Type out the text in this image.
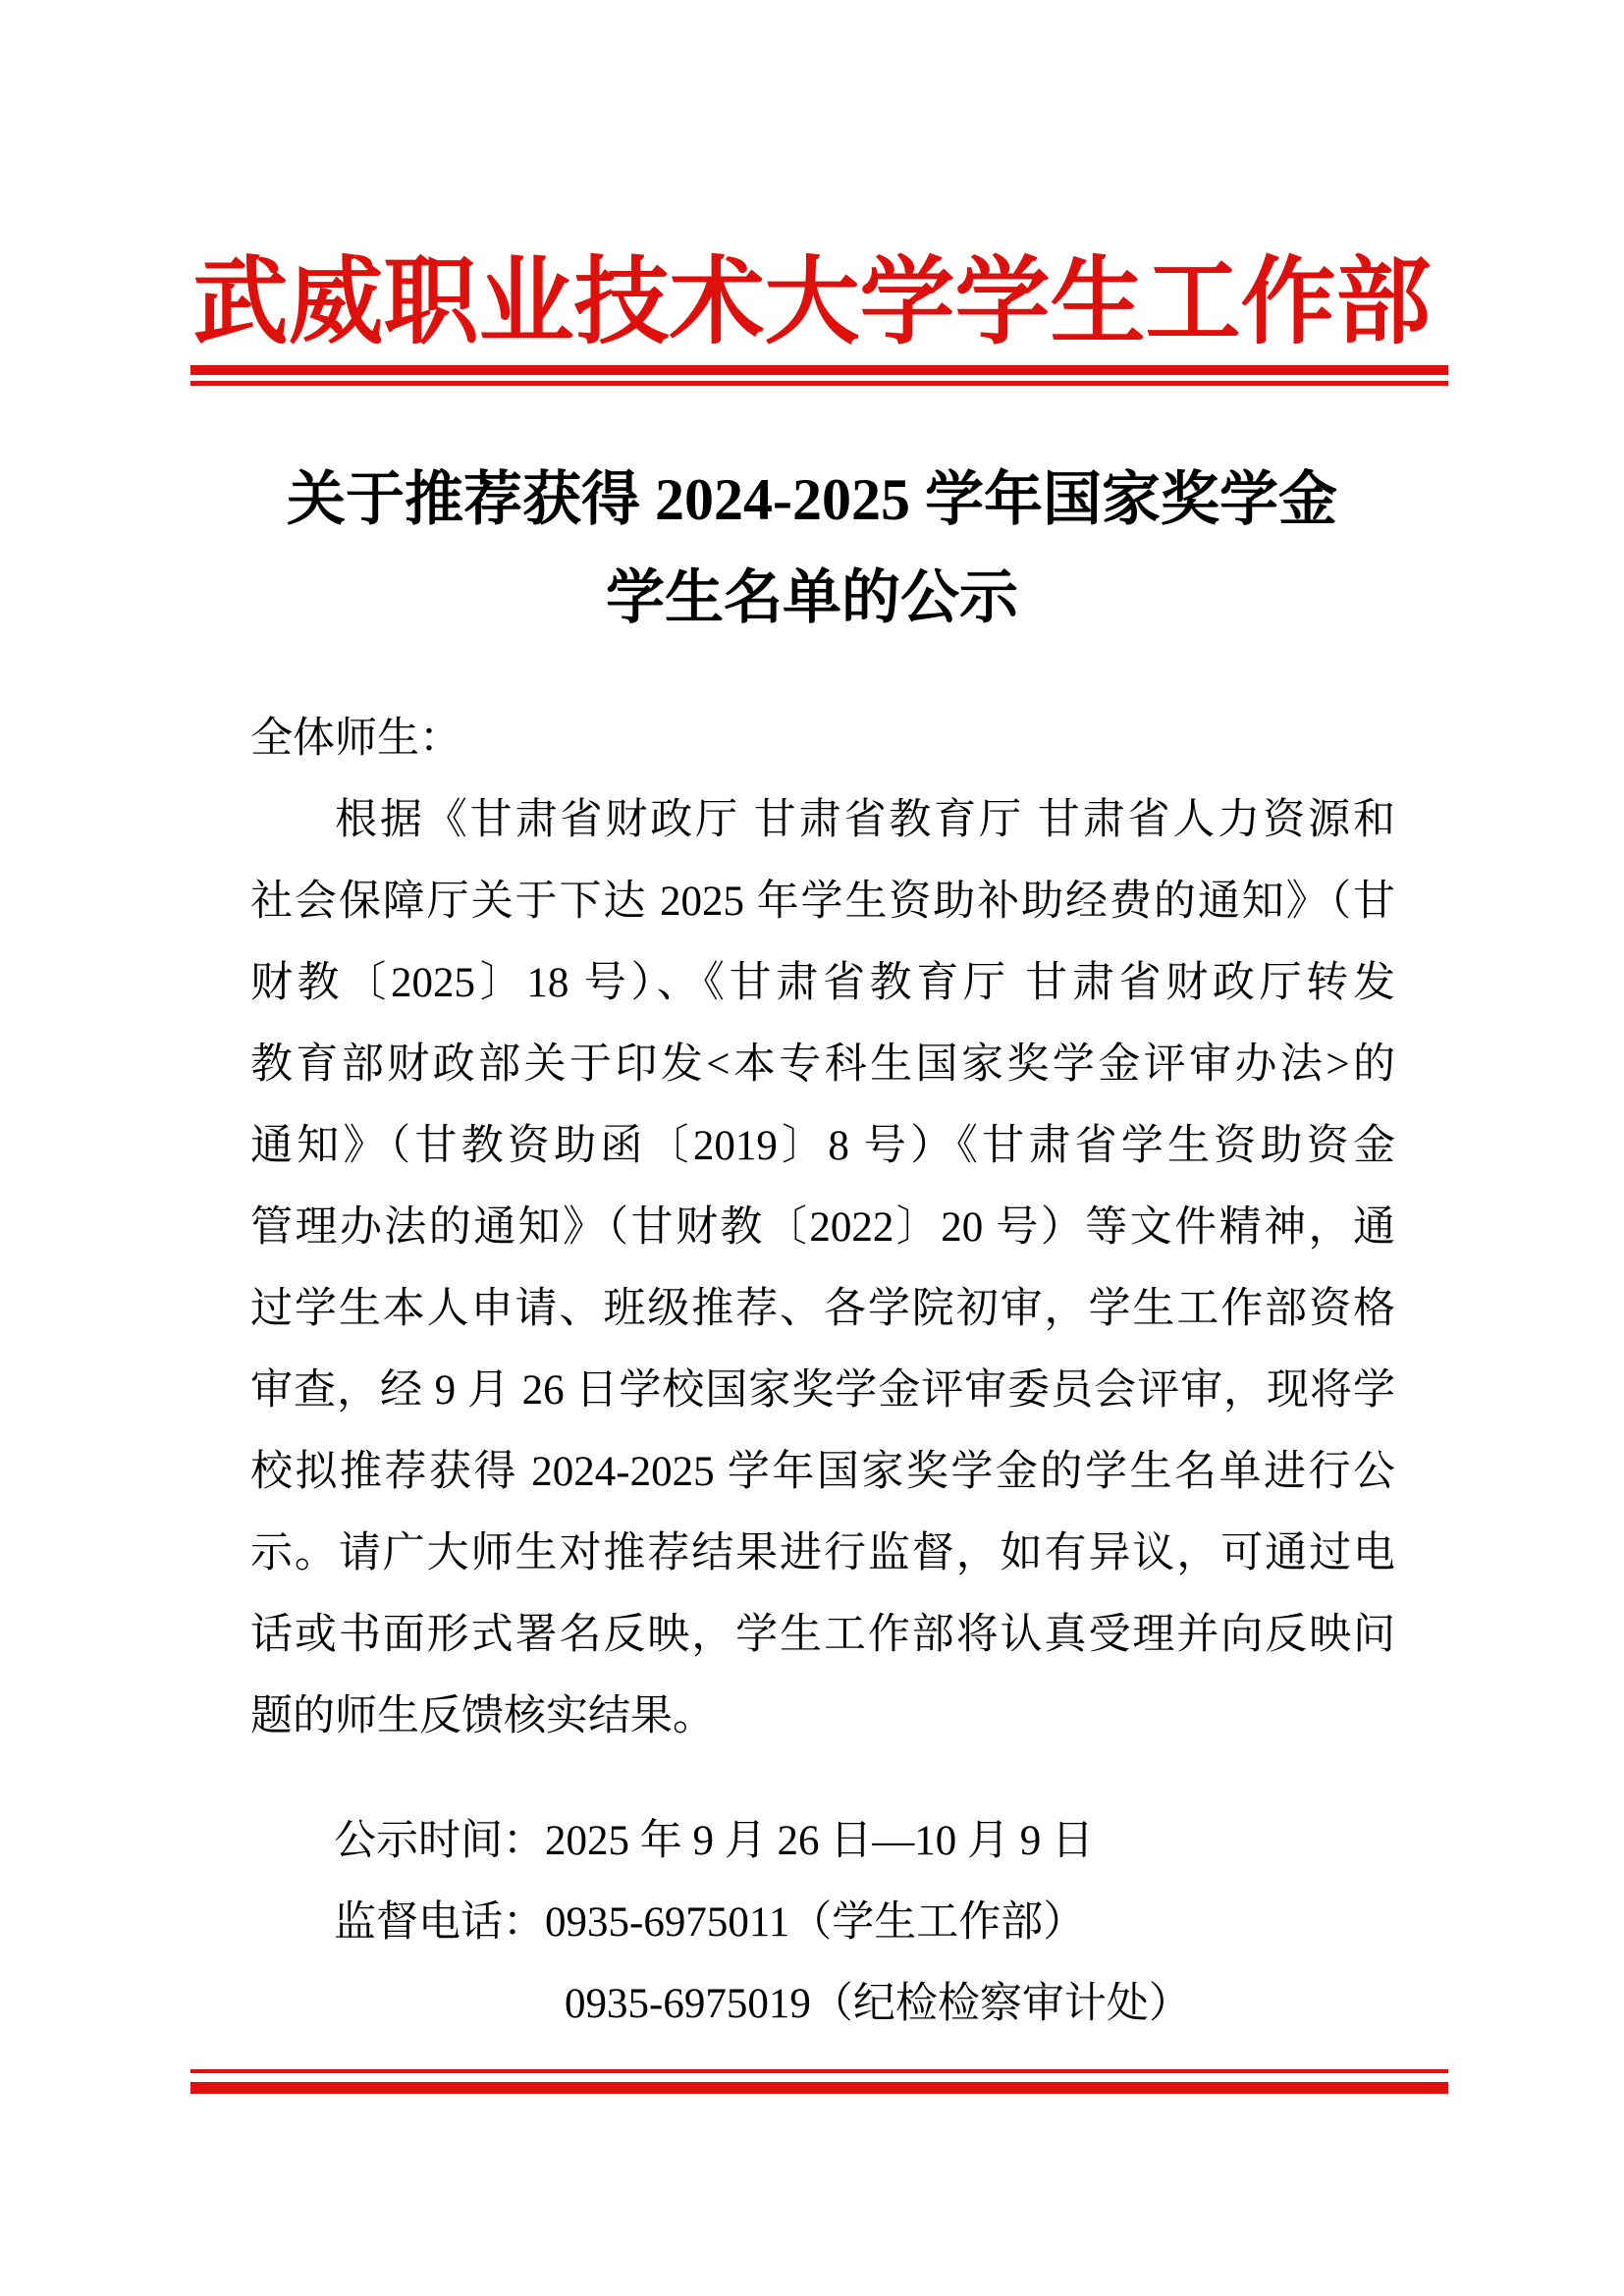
武威职业技术大学学生工作部
关于推荐获得 2024-2025 学年国家奖学金
学生名单的公示
全体师生：
根据《甘肃省财政厅 甘肃省教育厅 甘肃省人力资源和
社会保障厅关于下达 2025 年学生资助补助经费的通知》（甘
财教〔2025〕18 号）、《甘肃省教育厅 甘肃省财政厅转发
教育部财政部关于印发<本专科生国家奖学金评审办法>的
通知》（甘教资助函〔2019〕8 号）《甘肃省学生资助资金
管理办法的通知》（甘财教〔2022〕20 号）等文件精神，通
过学生本人申请、班级推荐、各学院初审，学生工作部资格
审查，经 9 月 26 日学校国家奖学金评审委员会评审，现将学
校拟推荐获得 2024-2025 学年国家奖学金的学生名单进行公
示。请广大师生对推荐结果进行监督，如有异议，可通过电
话或书面形式署名反映，学生工作部将认真受理并向反映问
题的师生反馈核实结果。
公示时间：2025 年 9 月 26 日—10 月 9 日
监督电话：0935-6975011（学生工作部）
0935-6975019（纪检检察审计处）
